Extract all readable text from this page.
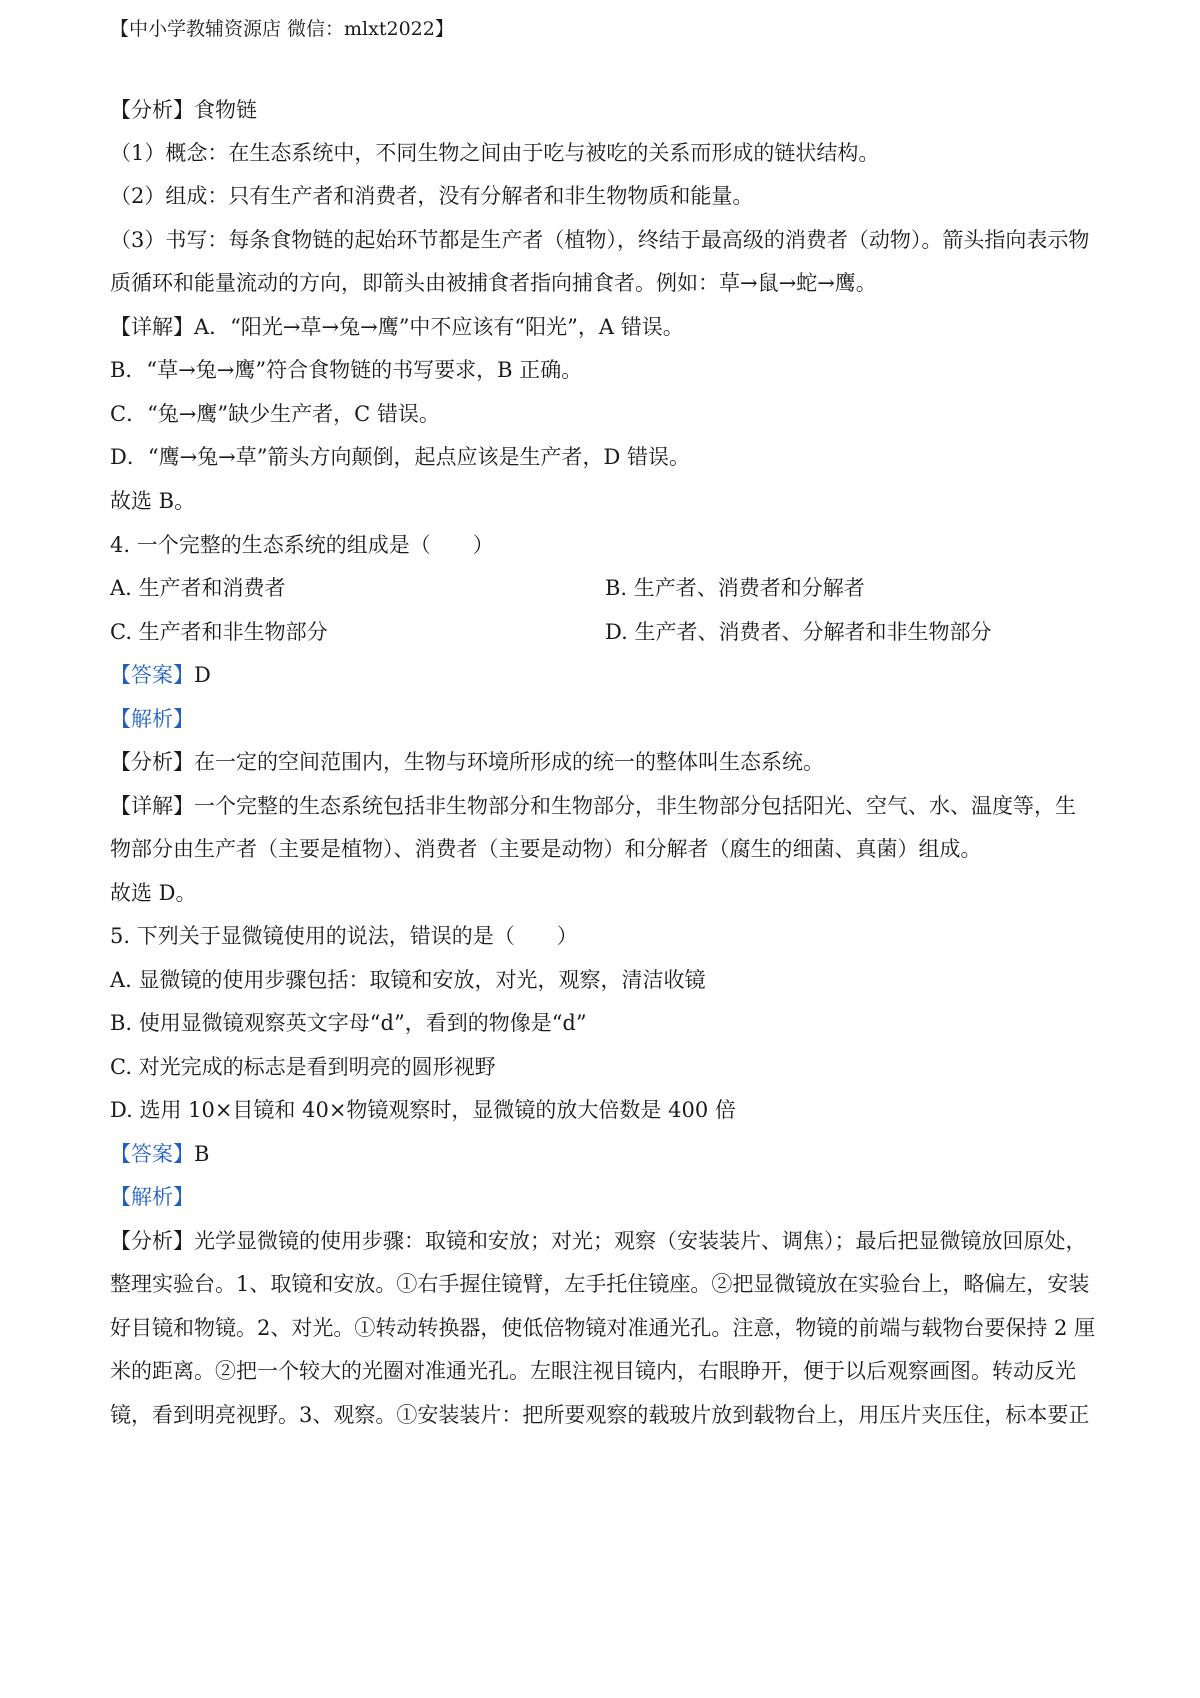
【中小学教辅资源店 微信：mlxt2022】
【分析】食物链
（1）概念：在生态系统中，不同生物之间由于吃与被吃的关系而形成的链状结构。
（2）组成：只有生产者和消费者，没有分解者和非生物物质和能量。
（3）书写：每条食物链的起始环节都是生产者（植物），终结于最高级的消费者（动物）。箭头指向表示物
质循环和能量流动的方向，即箭头由被捕食者指向捕食者。例如：草→鼠→蛇→鹰。
【详解】A．“阳光→草→兔→鹰”中不应该有“阳光”，A 错误。
B．“草→兔→鹰”符合食物链的书写要求，B 正确。
C．“兔→鹰”缺少生产者，C 错误。
D．“鹰→兔→草”箭头方向颠倒，起点应该是生产者，D 错误。
故选 B。
4. 一个完整的生态系统的组成是（　　）
A. 生产者和消费者	B. 生产者、消费者和分解者
C. 生产者和非生物部分	D. 生产者、消费者、分解者和非生物部分
【答案】D
【解析】
【分析】在一定的空间范围内，生物与环境所形成的统一的整体叫生态系统。
【详解】一个完整的生态系统包括非生物部分和生物部分，非生物部分包括阳光、空气、水、温度等，生
物部分由生产者（主要是植物）、消费者（主要是动物）和分解者（腐生的细菌、真菌）组成。
故选 D。
5. 下列关于显微镜使用的说法，错误的是（　　）
A. 显微镜的使用步骤包括：取镜和安放，对光，观察，清洁收镜
B. 使用显微镜观察英文字母“d”，看到的物像是“d”
C. 对光完成的标志是看到明亮的圆形视野
D. 选用 10×目镜和 40×物镜观察时，显微镜的放大倍数是 400 倍
【答案】B
【解析】
【分析】光学显微镜的使用步骤：取镜和安放；对光；观察（安装装片、调焦）；最后把显微镜放回原处，
整理实验台。1、取镜和安放。①右手握住镜臂，左手托住镜座。②把显微镜放在实验台上，略偏左，安装
好目镜和物镜。2、对光。①转动转换器，使低倍物镜对准通光孔。注意，物镜的前端与载物台要保持 2 厘
米的距离。②把一个较大的光圈对准通光孔。左眼注视目镜内，右眼睁开，便于以后观察画图。转动反光
镜，看到明亮视野。3、观察。①安装装片：把所要观察的载玻片放到载物台上，用压片夹压住，标本要正
